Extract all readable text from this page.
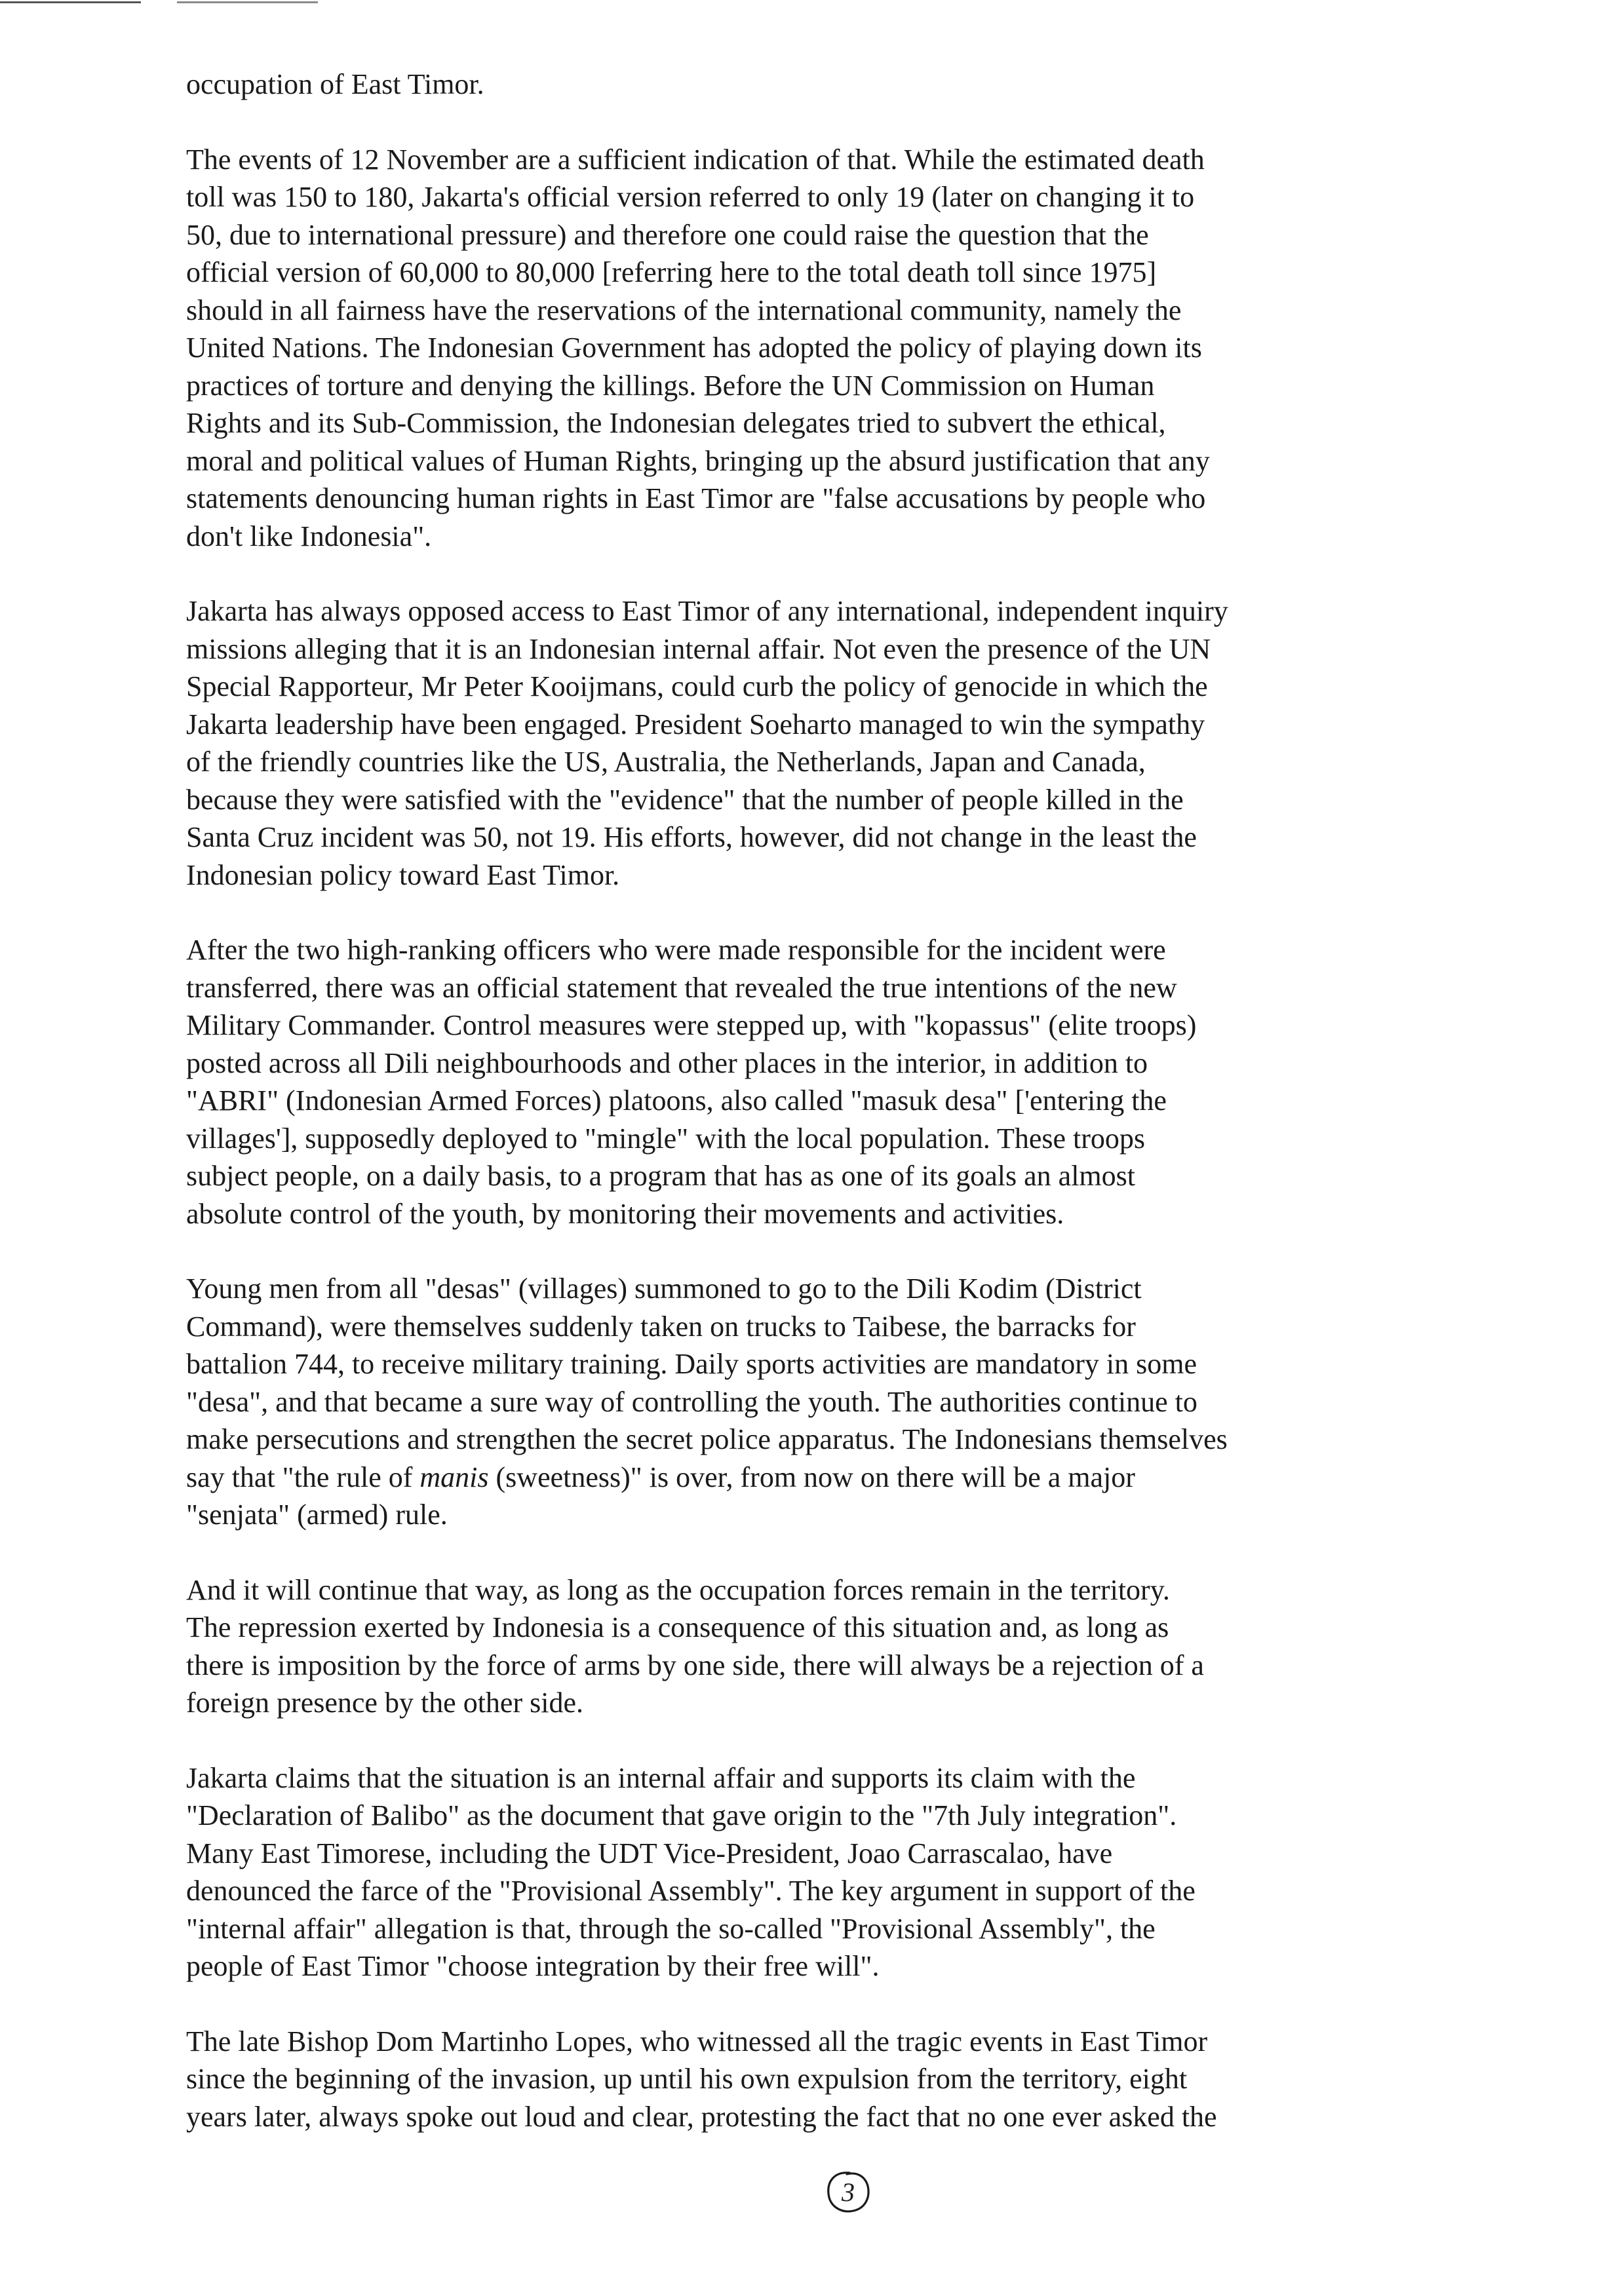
occupation of East Timor.
The events of 12 November are a sufficient indication of that. While the estimated death
toll was 150 to 180, Jakarta's official version referred to only 19 (later on changing it to
50, due to international pressure) and therefore one could raise the question that the
official version of 60,000 to 80,000 [referring here to the total death toll since 1975]
should in all fairness have the reservations of the international community, namely the
United Nations. The Indonesian Government has adopted the policy of playing down its
practices of torture and denying the killings. Before the UN Commission on Human
Rights and its Sub-Commission, the Indonesian delegates tried to subvert the ethical,
moral and political values of Human Rights, bringing up the absurd justification that any
statements denouncing human rights in East Timor are "false accusations by people who
don't like Indonesia".
Jakarta has always opposed access to East Timor of any international, independent inquiry
missions alleging that it is an Indonesian internal affair. Not even the presence of the UN
Special Rapporteur, Mr Peter Kooijmans, could curb the policy of genocide in which the
Jakarta leadership have been engaged. President Soeharto managed to win the sympathy
of the friendly countries like the US, Australia, the Netherlands, Japan and Canada,
because they were satisfied with the "evidence" that the number of people killed in the
Santa Cruz incident was 50, not 19. His efforts, however, did not change in the least the
Indonesian policy toward East Timor.
After the two high-ranking officers who were made responsible for the incident were
transferred, there was an official statement that revealed the true intentions of the new
Military Commander. Control measures were stepped up, with "kopassus" (elite troops)
posted across all Dili neighbourhoods and other places in the interior, in addition to
"ABRI" (Indonesian Armed Forces) platoons, also called "masuk desa" ['entering the
villages'], supposedly deployed to "mingle" with the local population. These troops
subject people, on a daily basis, to a program that has as one of its goals an almost
absolute control of the youth, by monitoring their movements and activities.
Young men from all "desas" (villages) summoned to go to the Dili Kodim (District
Command), were themselves suddenly taken on trucks to Taibese, the barracks for
battalion 744, to receive military training. Daily sports activities are mandatory in some
"desa", and that became a sure way of controlling the youth. The authorities continue to
make persecutions and strengthen the secret police apparatus. The Indonesians themselves
say that "the rule of manis (sweetness)" is over, from now on there will be a major
"senjata" (armed) rule.
And it will continue that way, as long as the occupation forces remain in the territory.
The repression exerted by Indonesia is a consequence of this situation and, as long as
there is imposition by the force of arms by one side, there will always be a rejection of a
foreign presence by the other side.
Jakarta claims that the situation is an internal affair and supports its claim with the
"Declaration of Balibo" as the document that gave origin to the "7th July integration".
Many East Timorese, including the UDT Vice-President, Joao Carrascalao, have
denounced the farce of the "Provisional Assembly". The key argument in support of the
"internal affair" allegation is that, through the so-called "Provisional Assembly", the
people of East Timor "choose integration by their free will".
The late Bishop Dom Martinho Lopes, who witnessed all the tragic events in East Timor
since the beginning of the invasion, up until his own expulsion from the territory, eight
years later, always spoke out loud and clear, protesting the fact that no one ever asked the
3
